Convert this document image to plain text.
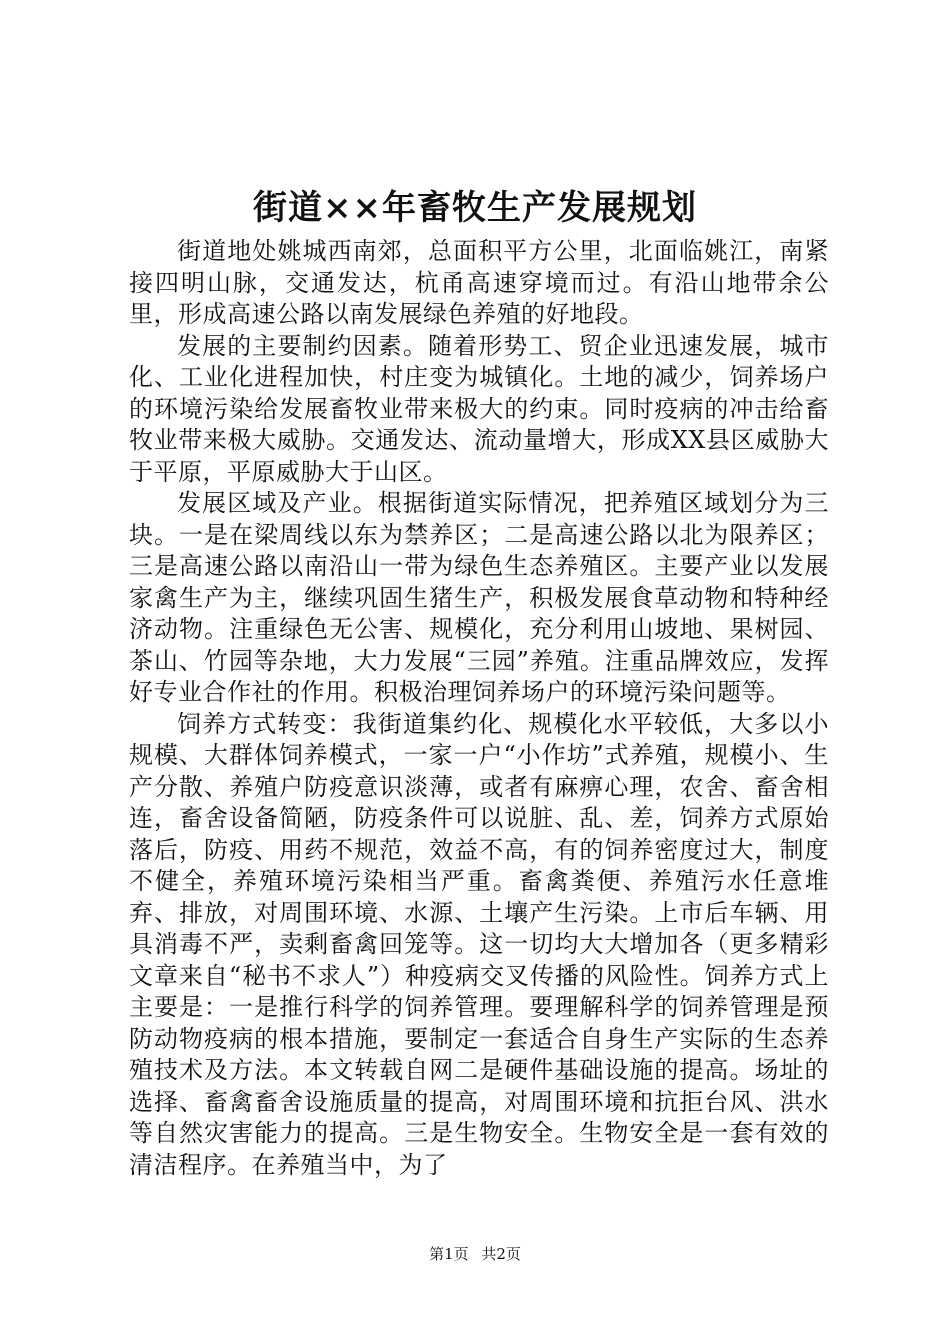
街道××年畜牧生产发展规划

街道地处姚城西南郊，总面积平方公里，北面临姚江，南紧接四明山脉，交通发达，杭甬高速穿境而过。有沿山地带余公里，形成高速公路以南发展绿色养殖的好地段。

发展的主要制约因素。随着形势工、贸企业迅速发展，城市化、工业化进程加快，村庄变为城镇化。土地的减少，饲养场户的环境污染给发展畜牧业带来极大的约束。同时疫病的冲击给畜牧业带来极大威胁。交通发达、流动量增大，形成XX县区威胁大于平原，平原威胁大于山区。

发展区域及产业。根据街道实际情况，把养殖区域划分为三块。一是在梁周线以东为禁养区；二是高速公路以北为限养区；三是高速公路以南沿山一带为绿色生态养殖区。主要产业以发展家禽生产为主，继续巩固生猪生产，积极发展食草动物和特种经济动物。注重绿色无公害、规模化，充分利用山坡地、果树园、茶山、竹园等杂地，大力发展“三园”养殖。注重品牌效应，发挥好专业合作社的作用。积极治理饲养场户的环境污染问题等。

饲养方式转变：我街道集约化、规模化水平较低，大多以小规模、大群体饲养模式，一家一户“小作坊”式养殖，规模小、生产分散、养殖户防疫意识淡薄，或者有麻痹心理，农舍、畜舍相连，畜舍设备简陋，防疫条件可以说脏、乱、差，饲养方式原始落后，防疫、用药不规范，效益不高，有的饲养密度过大，制度不健全，养殖环境污染相当严重。畜禽粪便、养殖污水任意堆弃、排放，对周围环境、水源、土壤产生污染。上市后车辆、用具消毒不严，卖剩畜禽回笼等。这一切均大大增加各（更多精彩文章来自“秘书不求人”）种疫病交叉传播的风险性。饲养方式上主要是：一是推行科学的饲养管理。要理解科学的饲养管理是预防动物疫病的根本措施，要制定一套适合自身生产实际的生态养殖技术及方法。本文转载自网二是硬件基础设施的提高。场址的选择、畜禽畜舍设施质量的提高，对周围环境和抗拒台风、洪水等自然灾害能力的提高。三是生物安全。生物安全是一套有效的清洁程序。在养殖当中，为了

第1页 共2页
